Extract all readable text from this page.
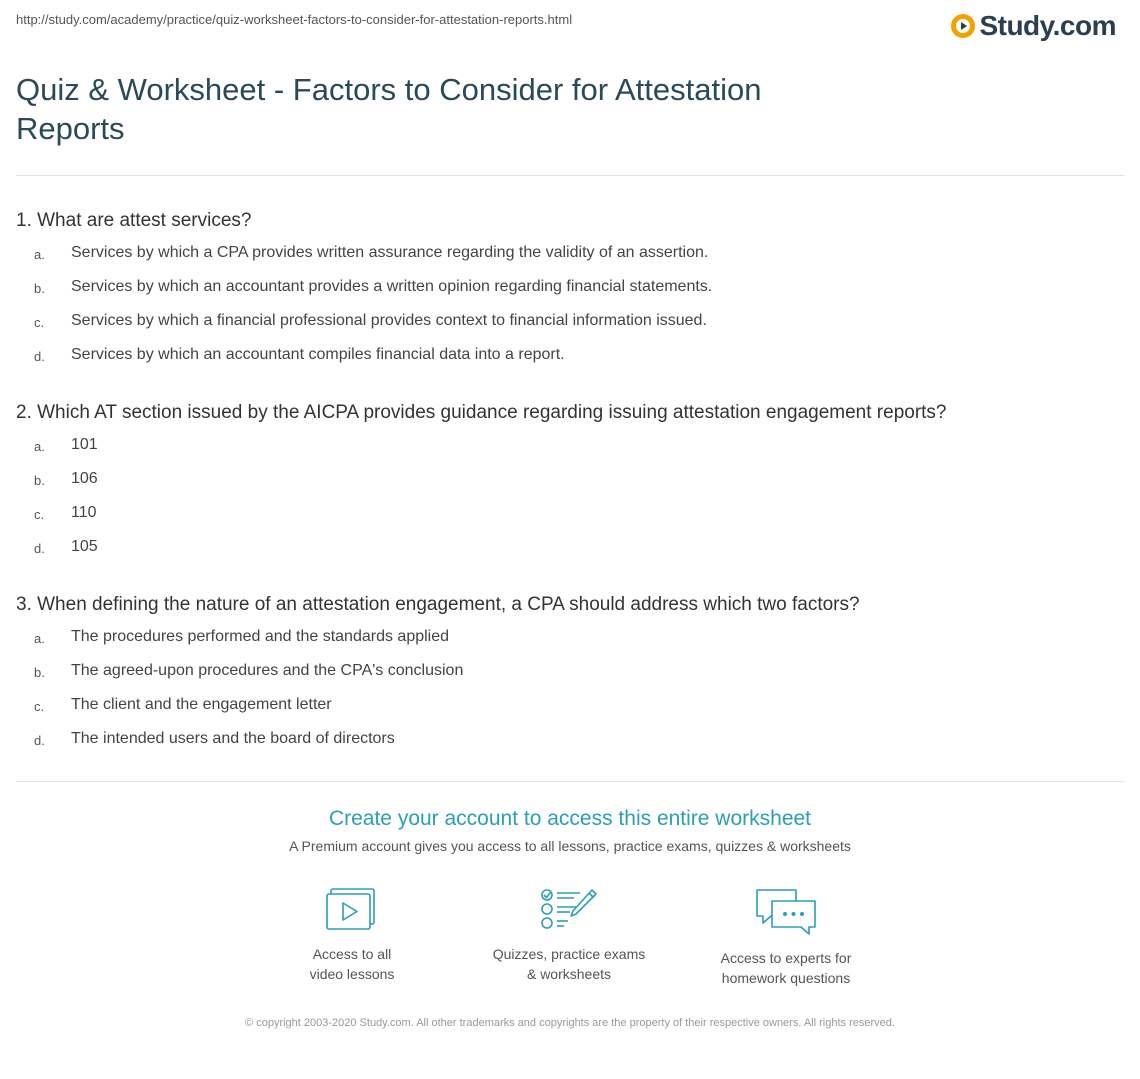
http://study.com/academy/practice/quiz-worksheet-factors-to-consider-for-attestation-reports.html	Study.com
Quiz & Worksheet - Factors to Consider for Attestation Reports
1. What are attest services?
a.	Services by which a CPA provides written assurance regarding the validity of an assertion.
b.	Services by which an accountant provides a written opinion regarding financial statements.
c.	Services by which a financial professional provides context to financial information issued.
d.	Services by which an accountant compiles financial data into a report.
2. Which AT section issued by the AICPA provides guidance regarding issuing attestation engagement reports?
a.	101
b.	106
c.	110
d.	105
3. When defining the nature of an attestation engagement, a CPA should address which two factors?
a.	The procedures performed and the standards applied
b.	The agreed-upon procedures and the CPA's conclusion
c.	The client and the engagement letter
d.	The intended users and the board of directors
Create your account to access this entire worksheet
A Premium account gives you access to all lessons, practice exams, quizzes & worksheets
Access to all
video lessons
Quizzes, practice exams
& worksheets
Access to experts for
homework questions
© copyright 2003-2020 Study.com. All other trademarks and copyrights are the property of their respective owners. All rights reserved.
